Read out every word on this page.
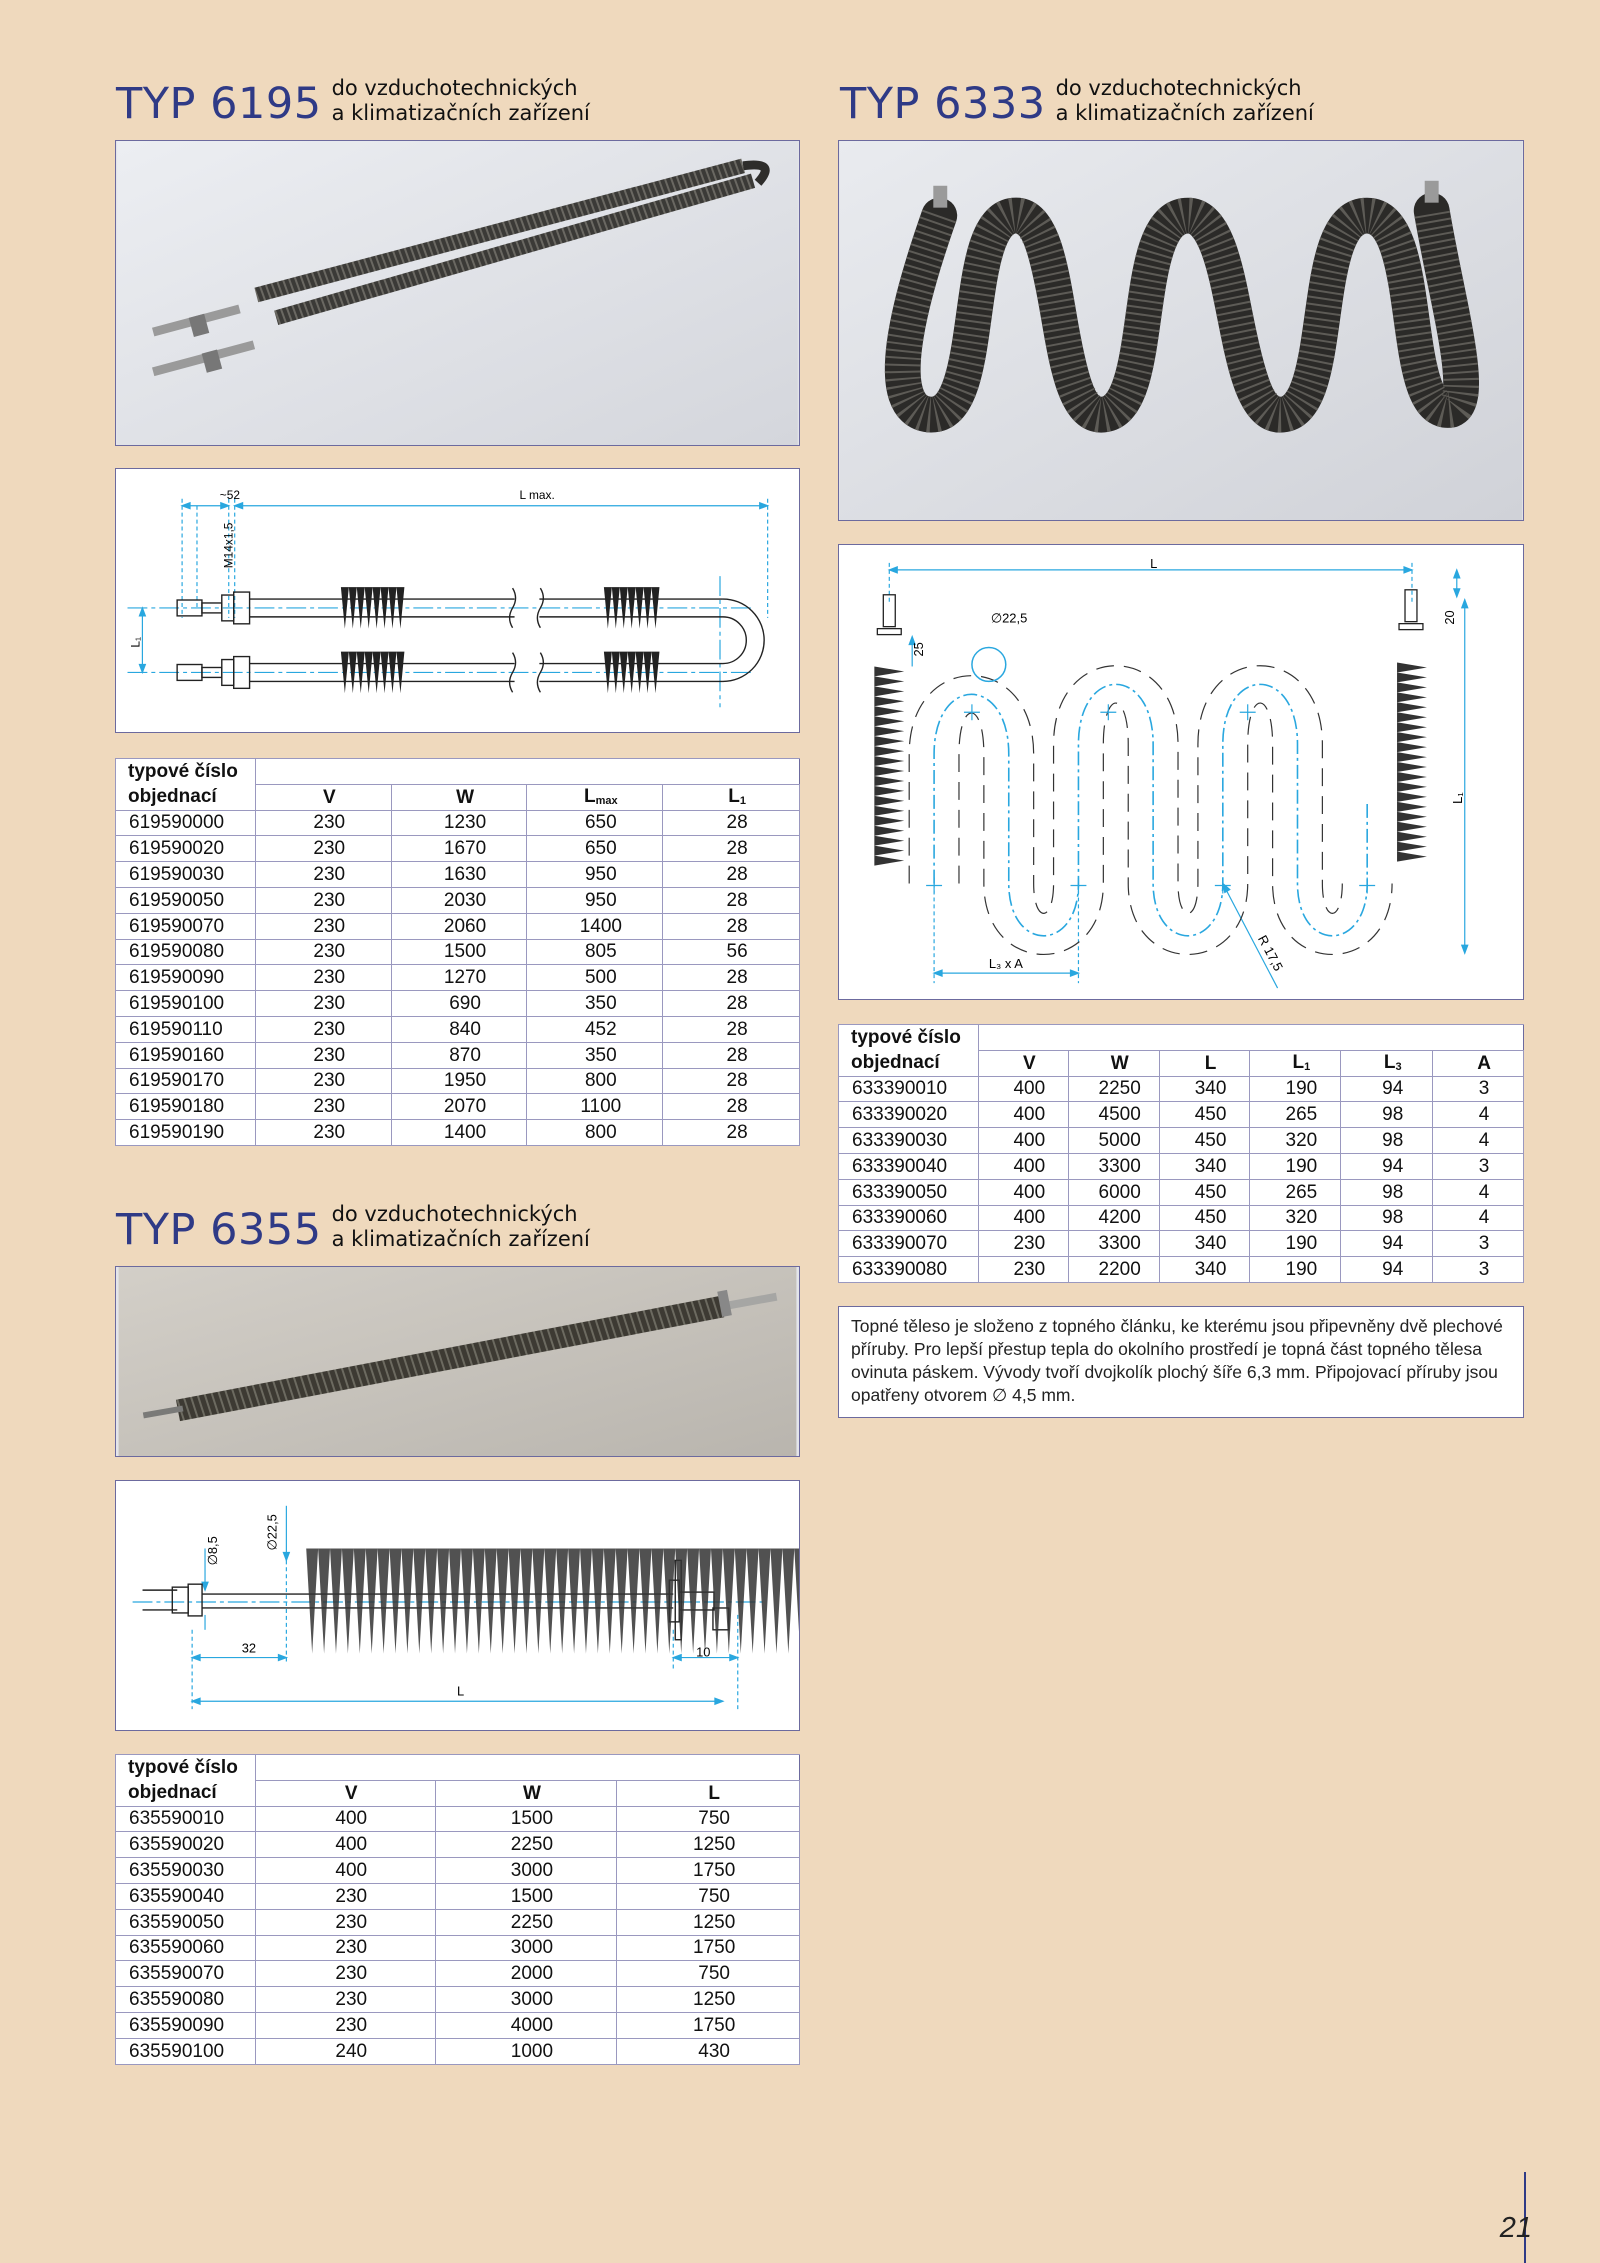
TYP 6195 do vzduchotechnických
a klimatizačních zařízení
~52	L max.
M14x1,5
L₁
typové číslo				
objednací	V	W	$L_{max}$	$L_1$
619590000	230	1230	650	28
619590020	230	1670	650	28
619590030	230	1630	950	28
619590050	230	2030	950	28
619590070	230	2060	1400	28
619590080	230	1500	805	56
619590090	230	1270	500	28
619590100	230	690	350	28
619590110	230	840	452	28
619590160	230	870	350	28
619590170	230	1950	800	28
619590180	230	2070	1100	28
619590190	230	1400	800	28
TYP 6333 do vzduchotechnických
a klimatizačních zařízení
L
∅22,5
25
20
L₁
L₃ x A	R 17,5
typové číslo						
objednací	V	W	L	$L_1$	$L_3$	A
633390010	400	2250	340	190	94	3
633390020	400	4500	450	265	98	4
633390030	400	5000	450	320	98	4
633390040	400	3300	340	190	94	3
633390050	400	6000	450	265	98	4
633390060	400	4200	450	320	98	4
633390070	230	3300	340	190	94	3
633390080	230	2200	340	190	94	3
Topné těleso je složeno z topného článku, ke kterému jsou připevněny dvě plechové příruby. Pro lepší přestup tepla do okolního prostředí je topná část topného tělesa ovinuta páskem. Vývody tvoří dvojkolík plochý šíře 6,3 mm. Připojovací příruby jsou opatřeny otvorem ∅ 4,5 mm.
TYP 6355 do vzduchotechnických
a klimatizačních zařízení
∅8,5
∅22,5
32	10
L
typové číslo			
objednací	V	W	L
635590010	400	1500	750
635590020	400	2250	1250
635590030	400	3000	1750
635590040	230	1500	750
635590050	230	2250	1250
635590060	230	3000	1750
635590070	230	2000	750
635590080	230	3000	1250
635590090	230	4000	1750
635590100	240	1000	430
21
